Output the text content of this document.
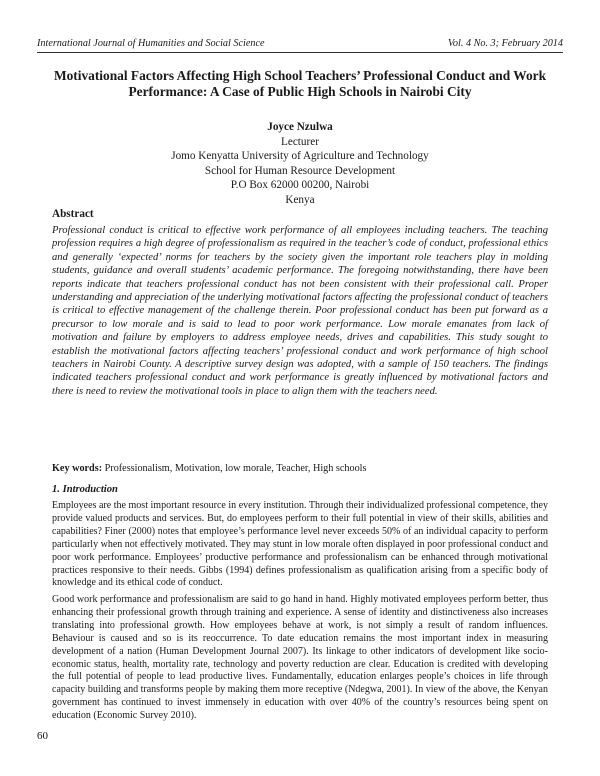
International Journal of Humanities and Social Science	Vol. 4 No. 3; February 2014
Motivational Factors Affecting High School Teachers’ Professional Conduct and Work Performance: A Case of Public High Schools in Nairobi City
Joyce Nzulwa
Lecturer
Jomo Kenyatta University of Agriculture and Technology
School for Human Resource Development
P.O Box 62000 00200, Nairobi
Kenya
Abstract
Professional conduct is critical to effective work performance of all employees including teachers. The teaching profession requires a high degree of professionalism as required in the teacher’s code of conduct, professional ethics and generally ‘expected’ norms for teachers by the society given the important role teachers play in molding students, guidance and overall students’ academic performance. The foregoing notwithstanding, there have been reports indicate that teachers professional conduct has not been consistent with their professional call. Proper understanding and appreciation of the underlying motivational factors affecting the professional conduct of teachers is critical to effective management of the challenge therein. Poor professional conduct has been put forward as a precursor to low morale and is said to lead to poor work performance. Low morale emanates from lack of motivation and failure by employers to address employee needs, drives and capabilities. This study sought to establish the motivational factors affecting teachers’ professional conduct and work performance of high school teachers in Nairobi County. A descriptive survey design was adopted, with a sample of 150 teachers. The findings indicated teachers professional conduct and work performance is greatly influenced by motivational factors and there is need to review the motivational tools in place to align them with the teachers need.
Key words: Professionalism, Motivation, low morale, Teacher, High schools
1. Introduction
Employees are the most important resource in every institution. Through their individualized professional competence, they provide valued products and services. But, do employees perform to their full potential in view of their skills, abilities and capabilities? Finer (2000) notes that employee’s performance level never exceeds 50% of an individual capacity to perform particularly when not effectively motivated. They may stunt in low morale often displayed in poor professional conduct and poor work performance. Employees’ productive performance and professionalism can be enhanced through motivational practices responsive to their needs. Gibbs (1994) defines professionalism as qualification arising from a specific body of knowledge and its ethical code of conduct.
Good work performance and professionalism are said to go hand in hand. Highly motivated employees perform better, thus enhancing their professional growth through training and experience. A sense of identity and distinctiveness also increases translating into professional growth. How employees behave at work, is not simply a result of random influences. Behaviour is caused and so is its reoccurrence. To date education remains the most important index in measuring development of a nation (Human Development Journal 2007). Its linkage to other indicators of development like socio-economic status, health, mortality rate, technology and poverty reduction are clear. Education is credited with developing the full potential of people to lead productive lives. Fundamentally, education enlarges people’s choices in life through capacity building and transforms people by making them more receptive (Ndegwa, 2001). In view of the above, the Kenyan government has continued to invest immensely in education with over 40% of the country’s resources being spent on education (Economic Survey 2010).
60
